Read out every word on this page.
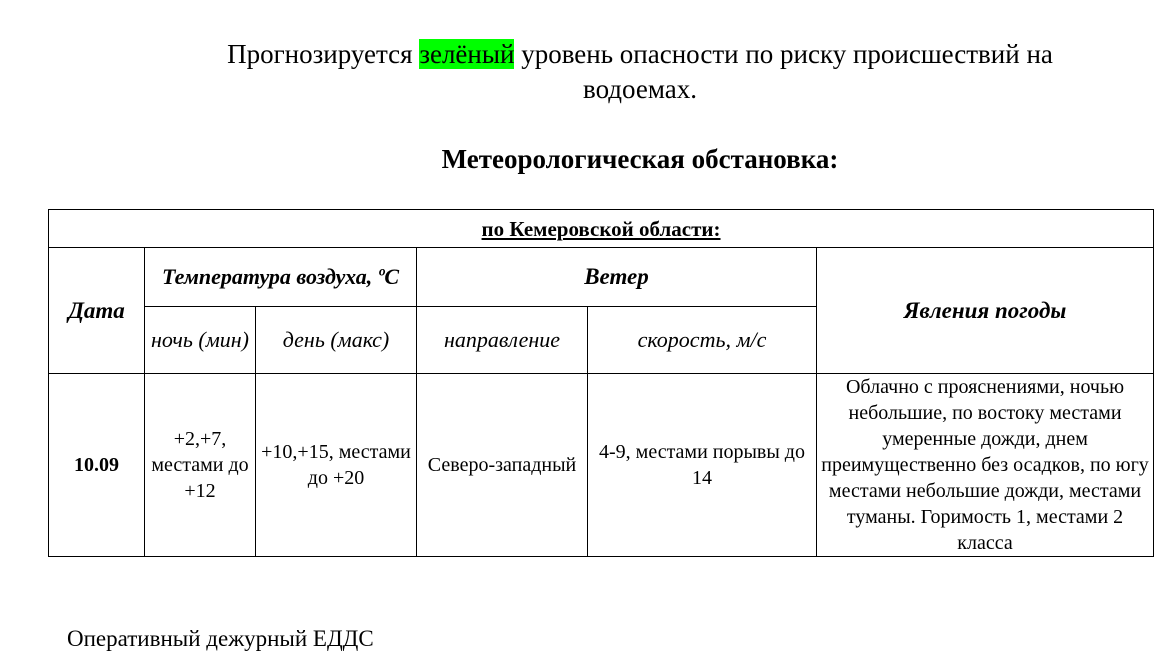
Прогнозируется зелёный уровень опасности по риску происшествий на водоемах.

Метеорологическая обстановка:
по Кемеровской области:					
Дата	Температура воздуха, ºС		Ветер		Явления погоды
	ночь (мин)	день (макс)	направление	скорость, м/с	
10.09	+2,+7, местами до +12	+10,+15, местами до +20	Северо-западный	4-9, местами порывы до 14	Облачно с прояснениями, ночью небольшие, по востоку местами умеренные дожди, днем преимущественно без осадков, по югу местами небольшие дожди, местами туманы. Горимость 1, местами 2 класса
Оперативный дежурный ЕДДС
